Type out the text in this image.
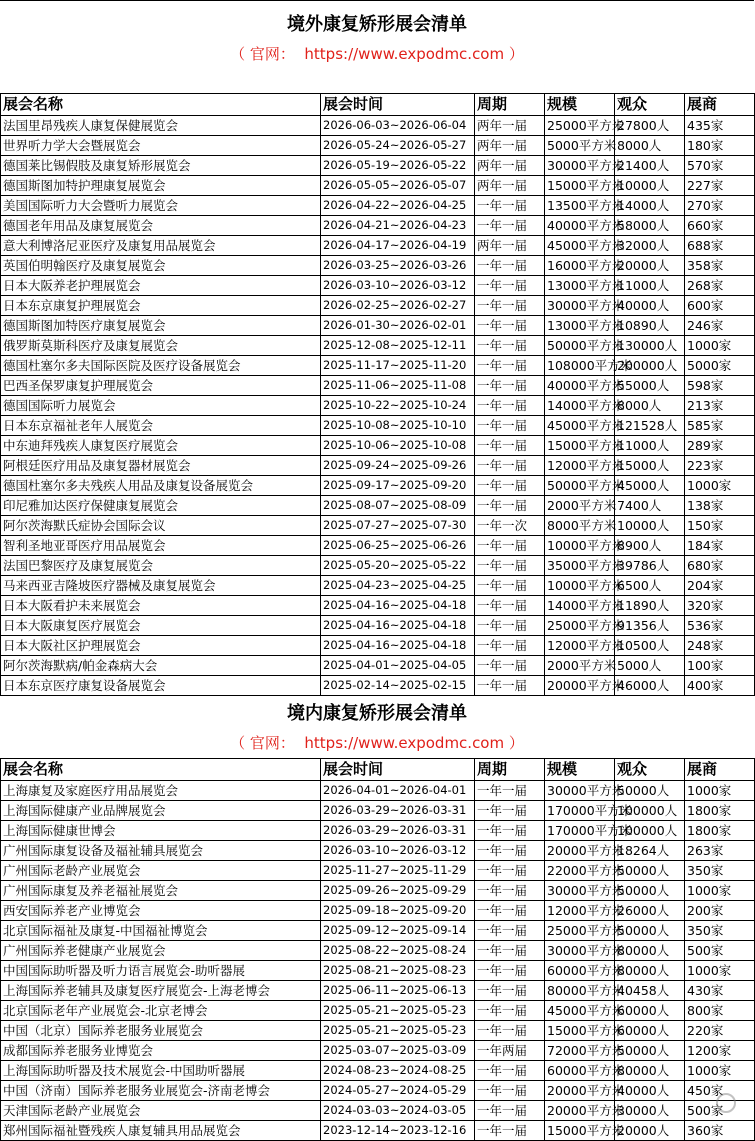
境外康复矫形展会清单
（ 官网：  https://www.expodmc.com ）
展会名称	展会时间	周期	规模	观众	展商
法国里昂残疾人康复保健展览会	2026-06-03~2026-06-04	两年一届	25000平方米	27800人	435家
世界听力学大会暨展览会	2026-05-24~2026-05-27	两年一届	5000平方米	8000人	180家
德国莱比锡假肢及康复矫形展览会	2026-05-19~2026-05-22	两年一届	30000平方米	21400人	570家
德国斯图加特护理康复展览会	2026-05-05~2026-05-07	两年一届	15000平方米	10000人	227家
美国国际听力大会暨听力展览会	2026-04-22~2026-04-25	一年一届	13500平方米	14000人	270家
德国老年用品及康复展览会	2026-04-21~2026-04-23	一年一届	40000平方米	58000人	660家
意大利博洛尼亚医疗及康复用品展览会	2026-04-17~2026-04-19	两年一届	45000平方米	32000人	688家
英国伯明翰医疗及康复展览会	2026-03-25~2026-03-26	一年一届	16000平方米	20000人	358家
日本大阪养老护理展览会	2026-03-10~2026-03-12	一年一届	13000平方米	11000人	268家
日本东京康复护理展览会	2026-02-25~2026-02-27	一年一届	30000平方米	40000人	600家
德国斯图加特医疗康复展览会	2026-01-30~2026-02-01	一年一届	13000平方米	10890人	246家
俄罗斯莫斯科医疗及康复展览会	2025-12-08~2025-12-11	一年一届	50000平方米	130000人	1000家
德国杜塞尔多夫国际医院及医疗设备展览会	2025-11-17~2025-11-20	一年一届	108000平方米	200000人	5000家
巴西圣保罗康复护理展览会	2025-11-06~2025-11-08	一年一届	40000平方米	55000人	598家
德国国际听力展览会	2025-10-22~2025-10-24	一年一届	14000平方米	8000人	213家
日本东京福祉老年人展览会	2025-10-08~2025-10-10	一年一届	45000平方米	121528人	585家
中东迪拜残疾人康复医疗展览会	2025-10-06~2025-10-08	一年一届	15000平方米	11000人	289家
阿根廷医疗用品及康复器材展览会	2025-09-24~2025-09-26	一年一届	12000平方米	15000人	223家
德国杜塞尔多夫残疾人用品及康复设备展览会	2025-09-17~2025-09-20	一年一届	50000平方米	45000人	1000家
印尼雅加达医疗保健康复展览会	2025-08-07~2025-08-09	一年一届	2000平方米	7400人	138家
阿尔茨海默氏症协会国际会议	2025-07-27~2025-07-30	一年一次	8000平方米	10000人	150家
智利圣地亚哥医疗用品展览会	2025-06-25~2025-06-26	一年一届	10000平方米	8900人	184家
法国巴黎医疗及康复展览会	2025-05-20~2025-05-22	一年一届	35000平方米	39786人	680家
马来西亚吉隆坡医疗器械及康复展览会	2025-04-23~2025-04-25	一年一届	10000平方米	6500人	204家
日本大阪看护未来展览会	2025-04-16~2025-04-18	一年一届	14000平方米	11890人	320家
日本大阪康复医疗展览会	2025-04-16~2025-04-18	一年一届	25000平方米	91356人	536家
日本大阪社区护理展览会	2025-04-16~2025-04-18	一年一届	12000平方米	10500人	248家
阿尔茨海默病/帕金森病大会	2025-04-01~2025-04-05	一年一届	2000平方米	5000人	100家
日本东京医疗康复设备展览会	2025-02-14~2025-02-15	一年一届	20000平方米	46000人	400家
境内康复矫形展会清单
（ 官网：  https://www.expodmc.com ）
展会名称	展会时间	周期	规模	观众	展商
上海康复及家庭医疗用品展览会	2026-04-01~2026-04-01	一年一届	30000平方米	50000人	1000家
上海国际健康产业品牌展览会	2026-03-29~2026-03-31	一年一届	170000平方米	100000人	1800家
上海国际健康世博会	2026-03-29~2026-03-31	一年一届	170000平方米	100000人	1800家
广州国际康复设备及福祉辅具展览会	2026-03-10~2026-03-12	一年一届	20000平方米	18264人	263家
广州国际老龄产业展览会	2025-11-27~2025-11-29	一年一届	22000平方米	50000人	350家
广州国际康复及养老福祉展览会	2025-09-26~2025-09-29	一年一届	30000平方米	50000人	1000家
西安国际养老产业博览会	2025-09-18~2025-09-20	一年一届	12000平方米	26000人	200家
北京国际福祉及康复-中国福祉博览会	2025-09-12~2025-09-14	一年一届	25000平方米	50000人	350家
广州国际养老健康产业展览会	2025-08-22~2025-08-24	一年一届	30000平方米	80000人	500家
中国国际助听器及听力语言展览会-助听器展	2025-08-21~2025-08-23	一年一届	60000平方米	80000人	1000家
上海国际养老辅具及康复医疗展览会-上海老博会	2025-06-11~2025-06-13	一年一届	80000平方米	40458人	430家
北京国际老年产业展览会-北京老博会	2025-05-21~2025-05-23	一年一届	45000平方米	60000人	800家
中国（北京）国际养老服务业展览会	2025-05-21~2025-05-23	一年一届	15000平方米	60000人	220家
成都国际养老服务业博览会	2025-03-07~2025-03-09	一年两届	72000平方米	50000人	1200家
上海国际助听器及技术展览会-中国助听器展	2024-08-23~2024-08-25	一年一届	60000平方米	80000人	1000家
中国（济南）国际养老服务业展览会-济南老博会	2024-05-27~2024-05-29	一年一届	20000平方米	40000人	450家
天津国际老龄产业展览会	2024-03-03~2024-03-05	一年一届	20000平方米	30000人	500家
郑州国际福祉暨残疾人康复辅具用品展览会	2023-12-14~2023-12-16	一年一届	15000平方米	20000人	360家
